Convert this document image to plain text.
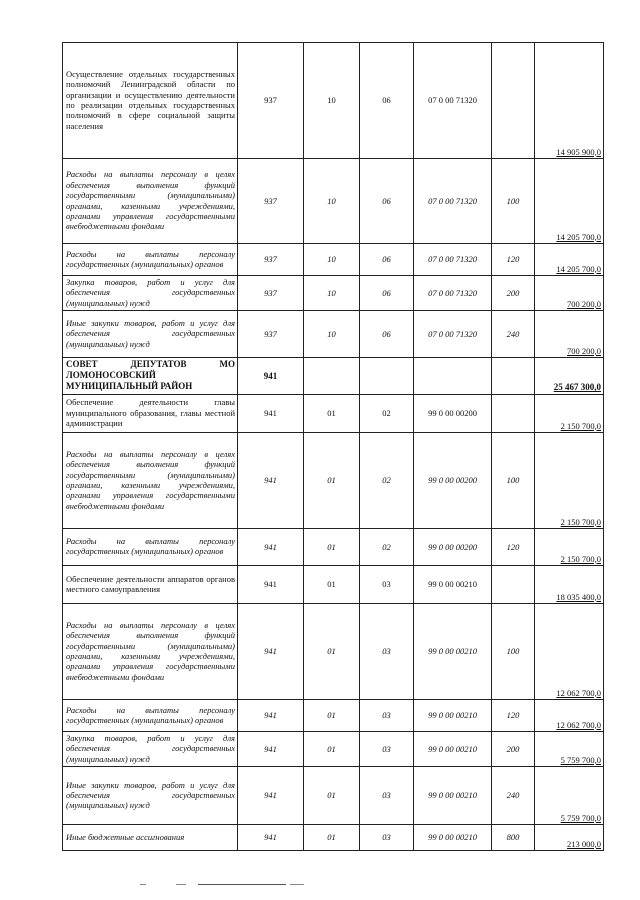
Осуществление отдельных государственных полномочий Ленинградской области по организации и осуществлению деятельности по реализации отдельных государственных полномочий в сфере социальной защиты населения	937	10	06	07 0 00 71320		14 905 900,0
Расходы на выплаты персоналу в целях обеспечения выполнения функций государственными (муниципальными) органами, казенными учреждениями, органами управления государственными внебюджетными фондами	937	10	06	07 0 00 71320	100	14 205 700,0
Расходы на выплаты персоналу государственных (муниципальных) органов	937	10	06	07 0 00 71320	120	14 205 700,0
Закупка товаров, работ и услуг для обеспечения государственных (муниципальных) нужд	937	10	06	07 0 00 71320	200	700 200,0
Иные закупки товаров, работ и услуг для обеспечения государственных (муниципальных) нужд	937	10	06	07 0 00 71320	240	700 200,0
СОВЕТ ДЕПУТАТОВ МО ЛОМОНОСОВСКИЙ МУНИЦИПАЛЬНЫЙ РАЙОН	941					25 467 300,0
Обеспечение деятельности главы муниципального образования, главы местной администрации	941	01	02	99 0 00 00200		2 150 700,0
Расходы на выплаты персоналу в целях обеспечения выполнения функций государственными (муниципальными) органами, казенными учреждениями, органами управления государственными внебюджетными фондами	941	01	02	99 0 00 00200	100	2 150 700,0
Расходы на выплаты персоналу государственных (муниципальных) органов	941	01	02	99 0 00 00200	120	2 150 700,0
Обеспечение деятельности аппаратов органов местного самоуправления	941	01	03	99 0 00 00210		18 035 400,0
Расходы на выплаты персоналу в целях обеспечения выполнения функций государственными (муниципальными) органами, казенными учреждениями, органами управления государственными внебюджетными фондами	941	01	03	99 0 00 00210	100	12 062 700,0
Расходы на выплаты персоналу государственных (муниципальных) органов	941	01	03	99 0 00 00210	120	12 062 700,0
Закупка товаров, работ и услуг для обеспечения государственных (муниципальных) нужд	941	01	03	99 0 00 00210	200	5 759 700,0
Иные закупки товаров, работ и услуг для обеспечения государственных (муниципальных) нужд	941	01	03	99 0 00 00210	240	5 759 700,0
Иные бюджетные ассигнования	941	01	03	99 0 00 00210	800	213 000,0
